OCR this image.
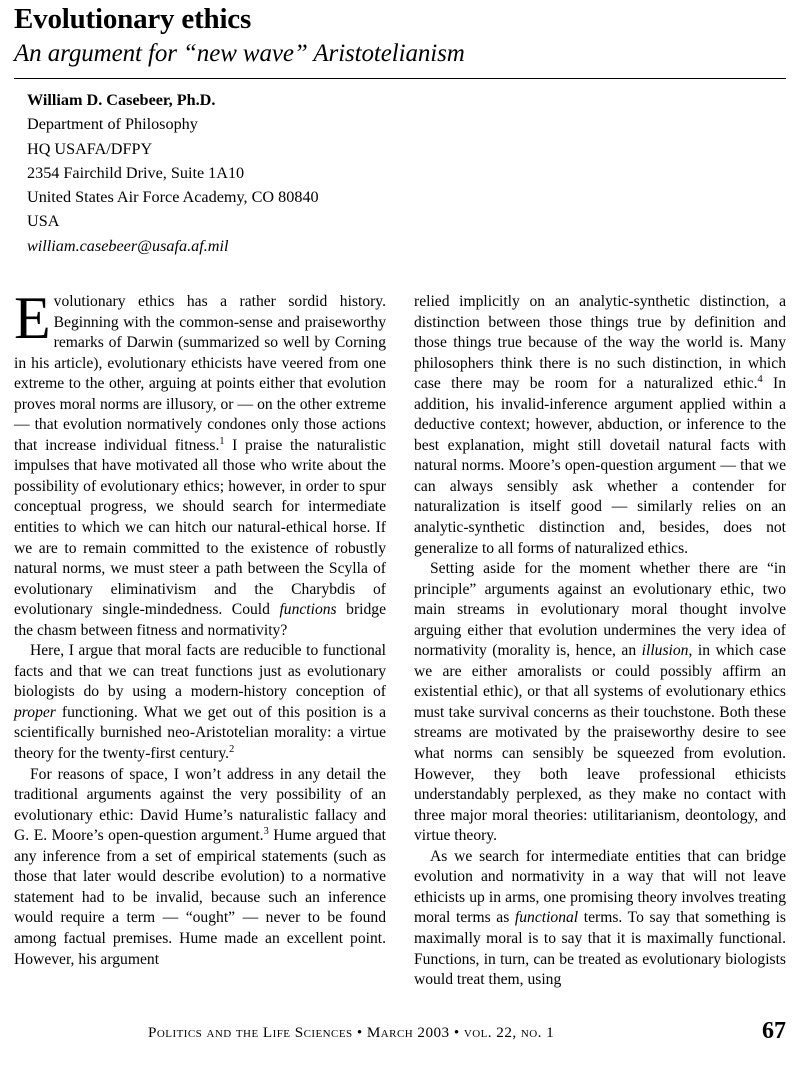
Evolutionary ethics
An argument for “new wave” Aristotelianism
William D. Casebeer, Ph.D.
Department of Philosophy
HQ USAFA/DFPY
2354 Fairchild Drive, Suite 1A10
United States Air Force Academy, CO 80840
USA
william.casebeer@usafa.af.mil

Evolutionary ethics has a rather sordid history. Beginning with the common-sense and praiseworthy remarks of Darwin (summarized so well by Corning in his article), evolutionary ethicists have veered from one extreme to the other, arguing at points either that evolution proves moral norms are illusory, or — on the other extreme — that evolution normatively condones only those actions that increase individual fitness.$^1$ I praise the naturalistic impulses that have motivated all those who write about the possibility of evolutionary ethics; however, in order to spur conceptual progress, we should search for intermediate entities to which we can hitch our natural-ethical horse. If we are to remain committed to the existence of robustly natural norms, we must steer a path between the Scylla of evolutionary eliminativism and the Charybdis of evolutionary single-mindedness. Could functions bridge the chasm between fitness and normativity?

Here, I argue that moral facts are reducible to functional facts and that we can treat functions just as evolutionary biologists do by using a modern-history conception of proper functioning. What we get out of this position is a scientifically burnished neo-Aristotelian morality: a virtue theory for the twenty-first century.$^2$

For reasons of space, I won’t address in any detail the traditional arguments against the very possibility of an evolutionary ethic: David Hume’s naturalistic fallacy and G. E. Moore’s open-question argument.$^3$ Hume argued that any inference from a set of empirical statements (such as those that later would describe evolution) to a normative statement had to be invalid, because such an inference would require a term — “ought” — never to be found among factual premises. Hume made an excellent point. However, his argument

relied implicitly on an analytic-synthetic distinction, a distinction between those things true by definition and those things true because of the way the world is. Many philosophers think there is no such distinction, in which case there may be room for a naturalized ethic.$^4$ In addition, his invalid-inference argument applied within a deductive context; however, abduction, or inference to the best explanation, might still dovetail natural facts with natural norms. Moore’s open-question argument — that we can always sensibly ask whether a contender for naturalization is itself good — similarly relies on an analytic-synthetic distinction and, besides, does not generalize to all forms of naturalized ethics.

Setting aside for the moment whether there are “in principle” arguments against an evolutionary ethic, two main streams in evolutionary moral thought involve arguing either that evolution undermines the very idea of normativity (morality is, hence, an illusion, in which case we are either amoralists or could possibly affirm an existential ethic), or that all systems of evolutionary ethics must take survival concerns as their touchstone. Both these streams are motivated by the praiseworthy desire to see what norms can sensibly be squeezed from evolution. However, they both leave professional ethicists understandably perplexed, as they make no contact with three major moral theories: utilitarianism, deontology, and virtue theory.

As we search for intermediate entities that can bridge evolution and normativity in a way that will not leave ethicists up in arms, one promising theory involves treating moral terms as functional terms. To say that something is maximally moral is to say that it is maximally functional. Functions, in turn, can be treated as evolutionary biologists would treat them, using

Politics and the Life Sciences • March 2003 • vol. 22, no. 1	67
